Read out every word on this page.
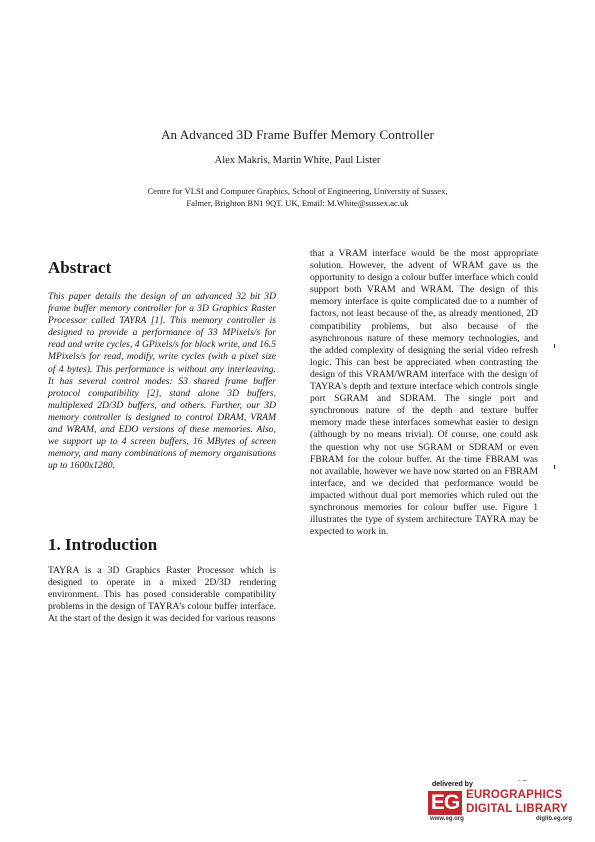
An Advanced 3D Frame Buffer Memory Controller
Alex Makris, Martin White, Paul Lister
Centre for VLSI and Computer Graphics, School of Engineering, University of Sussex,
Falmer, Brighton BN1 9QT. UK, Email: M.White@sussex.ac.uk
Abstract

This paper details the design of an advanced 32 bit 3D frame buffer memory controller for a 3D Graphics Raster Processor called TAYRA [1]. This memory controller is designed to provide a performance of 33 MPixels/s for read and write cycles, 4 GPixels/s for block write, and 16.5 MPixels/s for read, modify, write cycles (with a pixel size of 4 bytes). This performance is without any interleaving. It has several control modes: S3 shared frame buffer protocol compatibility [2], stand alone 3D buffers, multiplexed 2D/3D buffers, and others. Further, our 3D memory controller is designed to control DRAM, VRAM and WRAM, and EDO versions of these memories. Also, we support up to 4 screen buffers, 16 MBytes of screen memory, and many combinations of memory organisations up to 1600x1280.

1. Introduction

TAYRA is a 3D Graphics Raster Processor which is designed to operate in a mixed 2D/3D rendering environment. This has posed considerable compatibility problems in the design of TAYRA's colour buffer interface. At the start of the design it was decided for various reasons

that a VRAM interface would be the most appropriate solution. However, the advent of WRAM gave us the opportunity to design a colour buffer interface which could support both VRAM and WRAM. The design of this memory interface is quite complicated due to a number of factors, not least because of the, as already mentioned, 2D compatibility problems, but also because of the asynchronous nature of these memory technologies, and the added complexity of designing the serial video refresh logic. This can best be appreciated when contrasting the design of this VRAM/WRAM interface with the design of TAYRA's depth and texture interface which controls single port SGRAM and SDRAM. The single port and synchronous nature of the depth and texture buffer memory made these interfaces somewhat easier to design (although by no means trivial). Of course, one could ask the question why not use SGRAM or SDRAM or even FBRAM for the colour buffer. At the time FBRAM was not available, however we have now started on an FBRAM interface, and we decided that performance would be impacted without dual port memories which ruled out the synchronous memories for colour buffer use. Figure 1 illustrates the type of system architecture TAYRA may be expected to work in.

delivered by
EG EUROGRAPHICS
DIGITAL LIBRARY
www.eg.org	diglib.eg.org
